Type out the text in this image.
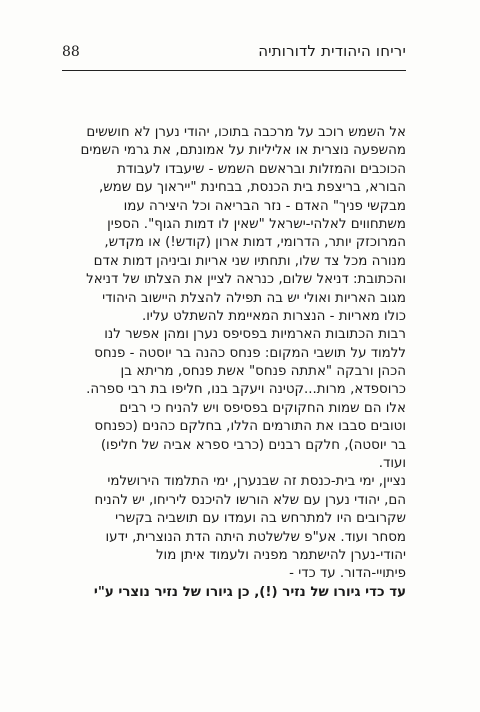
88	יריחו היהודית לדורותיה
אל השמש רוכב על מרכבה בתוכו, יהודי נערן לא חוששים
מהשפעה נוצרית או אליליות על אמונתם, את גרמי השמים
הכוכבים והמזלות ובראשם השמש - שיעבדו לעבודת
הבורא, בריצפת בית הכנסת, בבחינת "ייראוך עם שמש,
מבקשי פניך" האדם - נזר הבריאה וכל היצירה עמו
משתחווים לאלהי-ישראל "שאין לו דמות הגוף". הספין
המרוכזק יותר, הדרומי, דמות ארון (קודש!) או מקדש,
מנורה מכל צד שלו, ותחתיו שני אריות וביניהן דמות אדם
והכתובת: דניאל שלום, כנראה לציין את הצלתו של דניאל
מגוב האריות ואולי יש בה תפילה להצלת היישוב היהודי
כולו מאריות - הנצרות המאיימת להשתלט עליו.
רבות הכתובות הארמיות בפסיפס נערן ומהן אפשר לנו
ללמוד על תושבי המקום: פנחס כהנה בר יוסטה - פנחס
הכהן ורבקה "אתתה פנחס" אשת פנחס, מריתא בן
כרוספדא, מרות...קטינה ויעקב בנו, חליפו בת רבי ספרה.
אלו הם שמות החקוקים בפסיפס ויש להניח כי רבים
וטובים סבבו את התורמים הללו, בחלקם כהנים (כפנחס
בר יוסטה), חלקם רבנים (כרבי ספרא אביה של חליפו)
ועוד.
נציין, ימי בית-כנסת זה שבנערן, ימי התלמוד הירושלמי
הם, יהודי נערן עם שלא הורשו להיכנס ליריחו, יש להניח
שקרובים היו למתרחש בה ועמדו עם תושביה בקשרי
מסחר ועוד. אע"פ שלשלטת היתה הדת הנוצרית, ידעו
יהודי-נערן להישתמר מפניה ולעמוד איתן מול
פיתויי-הדור. עד כדי -
עד כדי גיורו של נזיר (!), כן גיורו של נזיר נוצרי ע"י
